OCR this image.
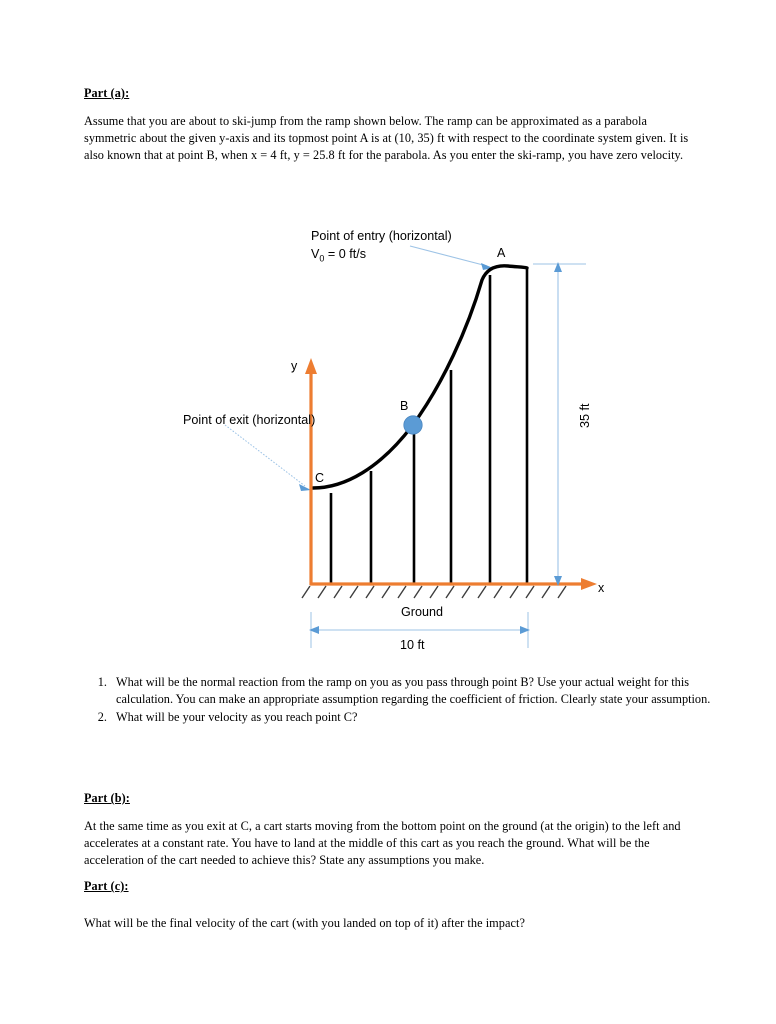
Part (a):
Assume that you are about to ski-jump from the ramp shown below. The ramp can be approximated as a parabola symmetric about the given y-axis and its topmost point A is at (10, 35) ft with respect to the coordinate system given. It is also known that at point B, when x = 4 ft, y = 25.8 ft for the parabola. As you enter the ski-ramp, you have zero velocity.
Point of entry (horizontal)
$V_0 = 0$ ft/s
Point of exit (horizontal)
A
B
C
y
x
Ground
35 ft
10 ft
1. What will be the normal reaction from the ramp on you as you pass through point B? Use your actual weight for this calculation. You can make an appropriate assumption regarding the coefficient of friction. Clearly state your assumption.
2. What will be your velocity as you reach point C?
Part (b):
At the same time as you exit at C, a cart starts moving from the bottom point on the ground (at the origin) to the left and accelerates at a constant rate. You have to land at the middle of this cart as you reach the ground. What will be the acceleration of the cart needed to achieve this? State any assumptions you make.
Part (c):
What will be the final velocity of the cart (with you landed on top of it) after the impact?
